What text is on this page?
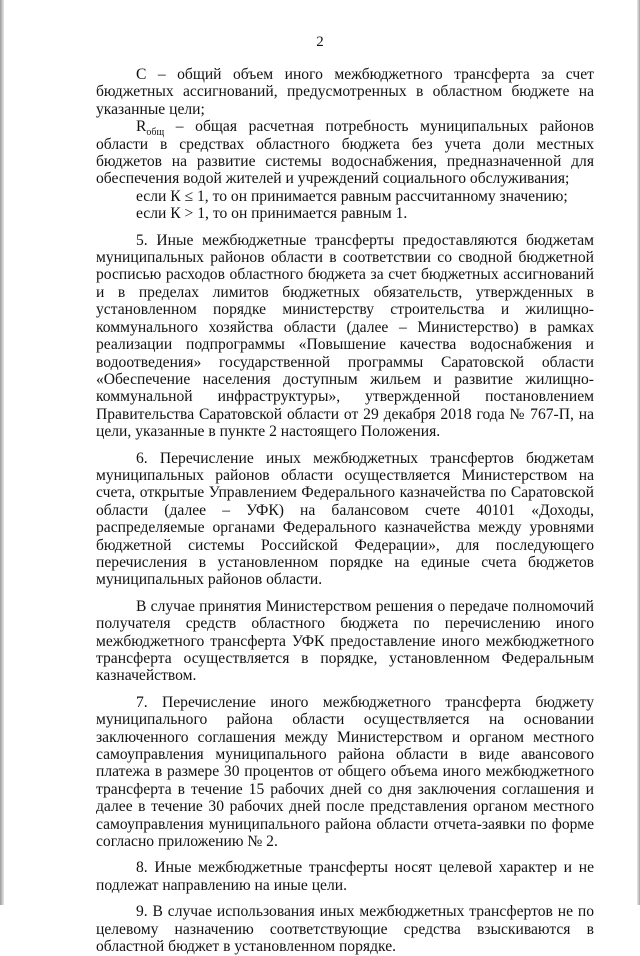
2

С – общий объем иного межбюджетного трансферта за счет бюджетных ассигнований, предусмотренных в областном бюджете на указанные цели;

$R_{общ}$ – общая расчетная потребность муниципальных районов области в средствах областного бюджета без учета доли местных бюджетов на развитие системы водоснабжения, предназначенной для обеспечения водой жителей и учреждений социального обслуживания;

если К ≤ 1, то он принимается равным рассчитанному значению;

если К > 1, то он принимается равным 1.

5. Иные межбюджетные трансферты предоставляются бюджетам муниципальных районов области в соответствии со сводной бюджетной росписью расходов областного бюджета за счет бюджетных ассигнований и в пределах лимитов бюджетных обязательств, утвержденных в установленном порядке министерству строительства и жилищно-коммунального хозяйства области (далее – Министерство) в рамках реализации подпрограммы «Повышение качества водоснабжения и водоотведения» государственной программы Саратовской области «Обеспечение населения доступным жильем и развитие жилищно-коммунальной инфраструктуры», утвержденной постановлением Правительства Саратовской области от 29 декабря 2018 года № 767-П, на цели, указанные в пункте 2 настоящего Положения.

6. Перечисление иных межбюджетных трансфертов бюджетам муниципальных районов области осуществляется Министерством на счета, открытые Управлением Федерального казначейства по Саратовской области (далее – УФК) на балансовом счете 40101 «Доходы, распределяемые органами Федерального казначейства между уровнями бюджетной системы Российской Федерации», для последующего перечисления в установленном порядке на единые счета бюджетов муниципальных районов области.

В случае принятия Министерством решения о передаче полномочий получателя средств областного бюджета по перечислению иного межбюджетного трансферта УФК предоставление иного межбюджетного трансферта осуществляется в порядке, установленном Федеральным казначейством.

7. Перечисление иного межбюджетного трансферта бюджету муниципального района области осуществляется на основании заключенного соглашения между Министерством и органом местного самоуправления муниципального района области в виде авансового платежа в размере 30 процентов от общего объема иного межбюджетного трансферта в течение 15 рабочих дней со дня заключения соглашения и далее в течение 30 рабочих дней после представления органом местного самоуправления муниципального района области отчета-заявки по форме согласно приложению № 2.

8. Иные межбюджетные трансферты носят целевой характер и не подлежат направлению на иные цели.

9. В случае использования иных межбюджетных трансфертов не по целевому назначению соответствующие средства взыскиваются в областной бюджет в установленном порядке.
